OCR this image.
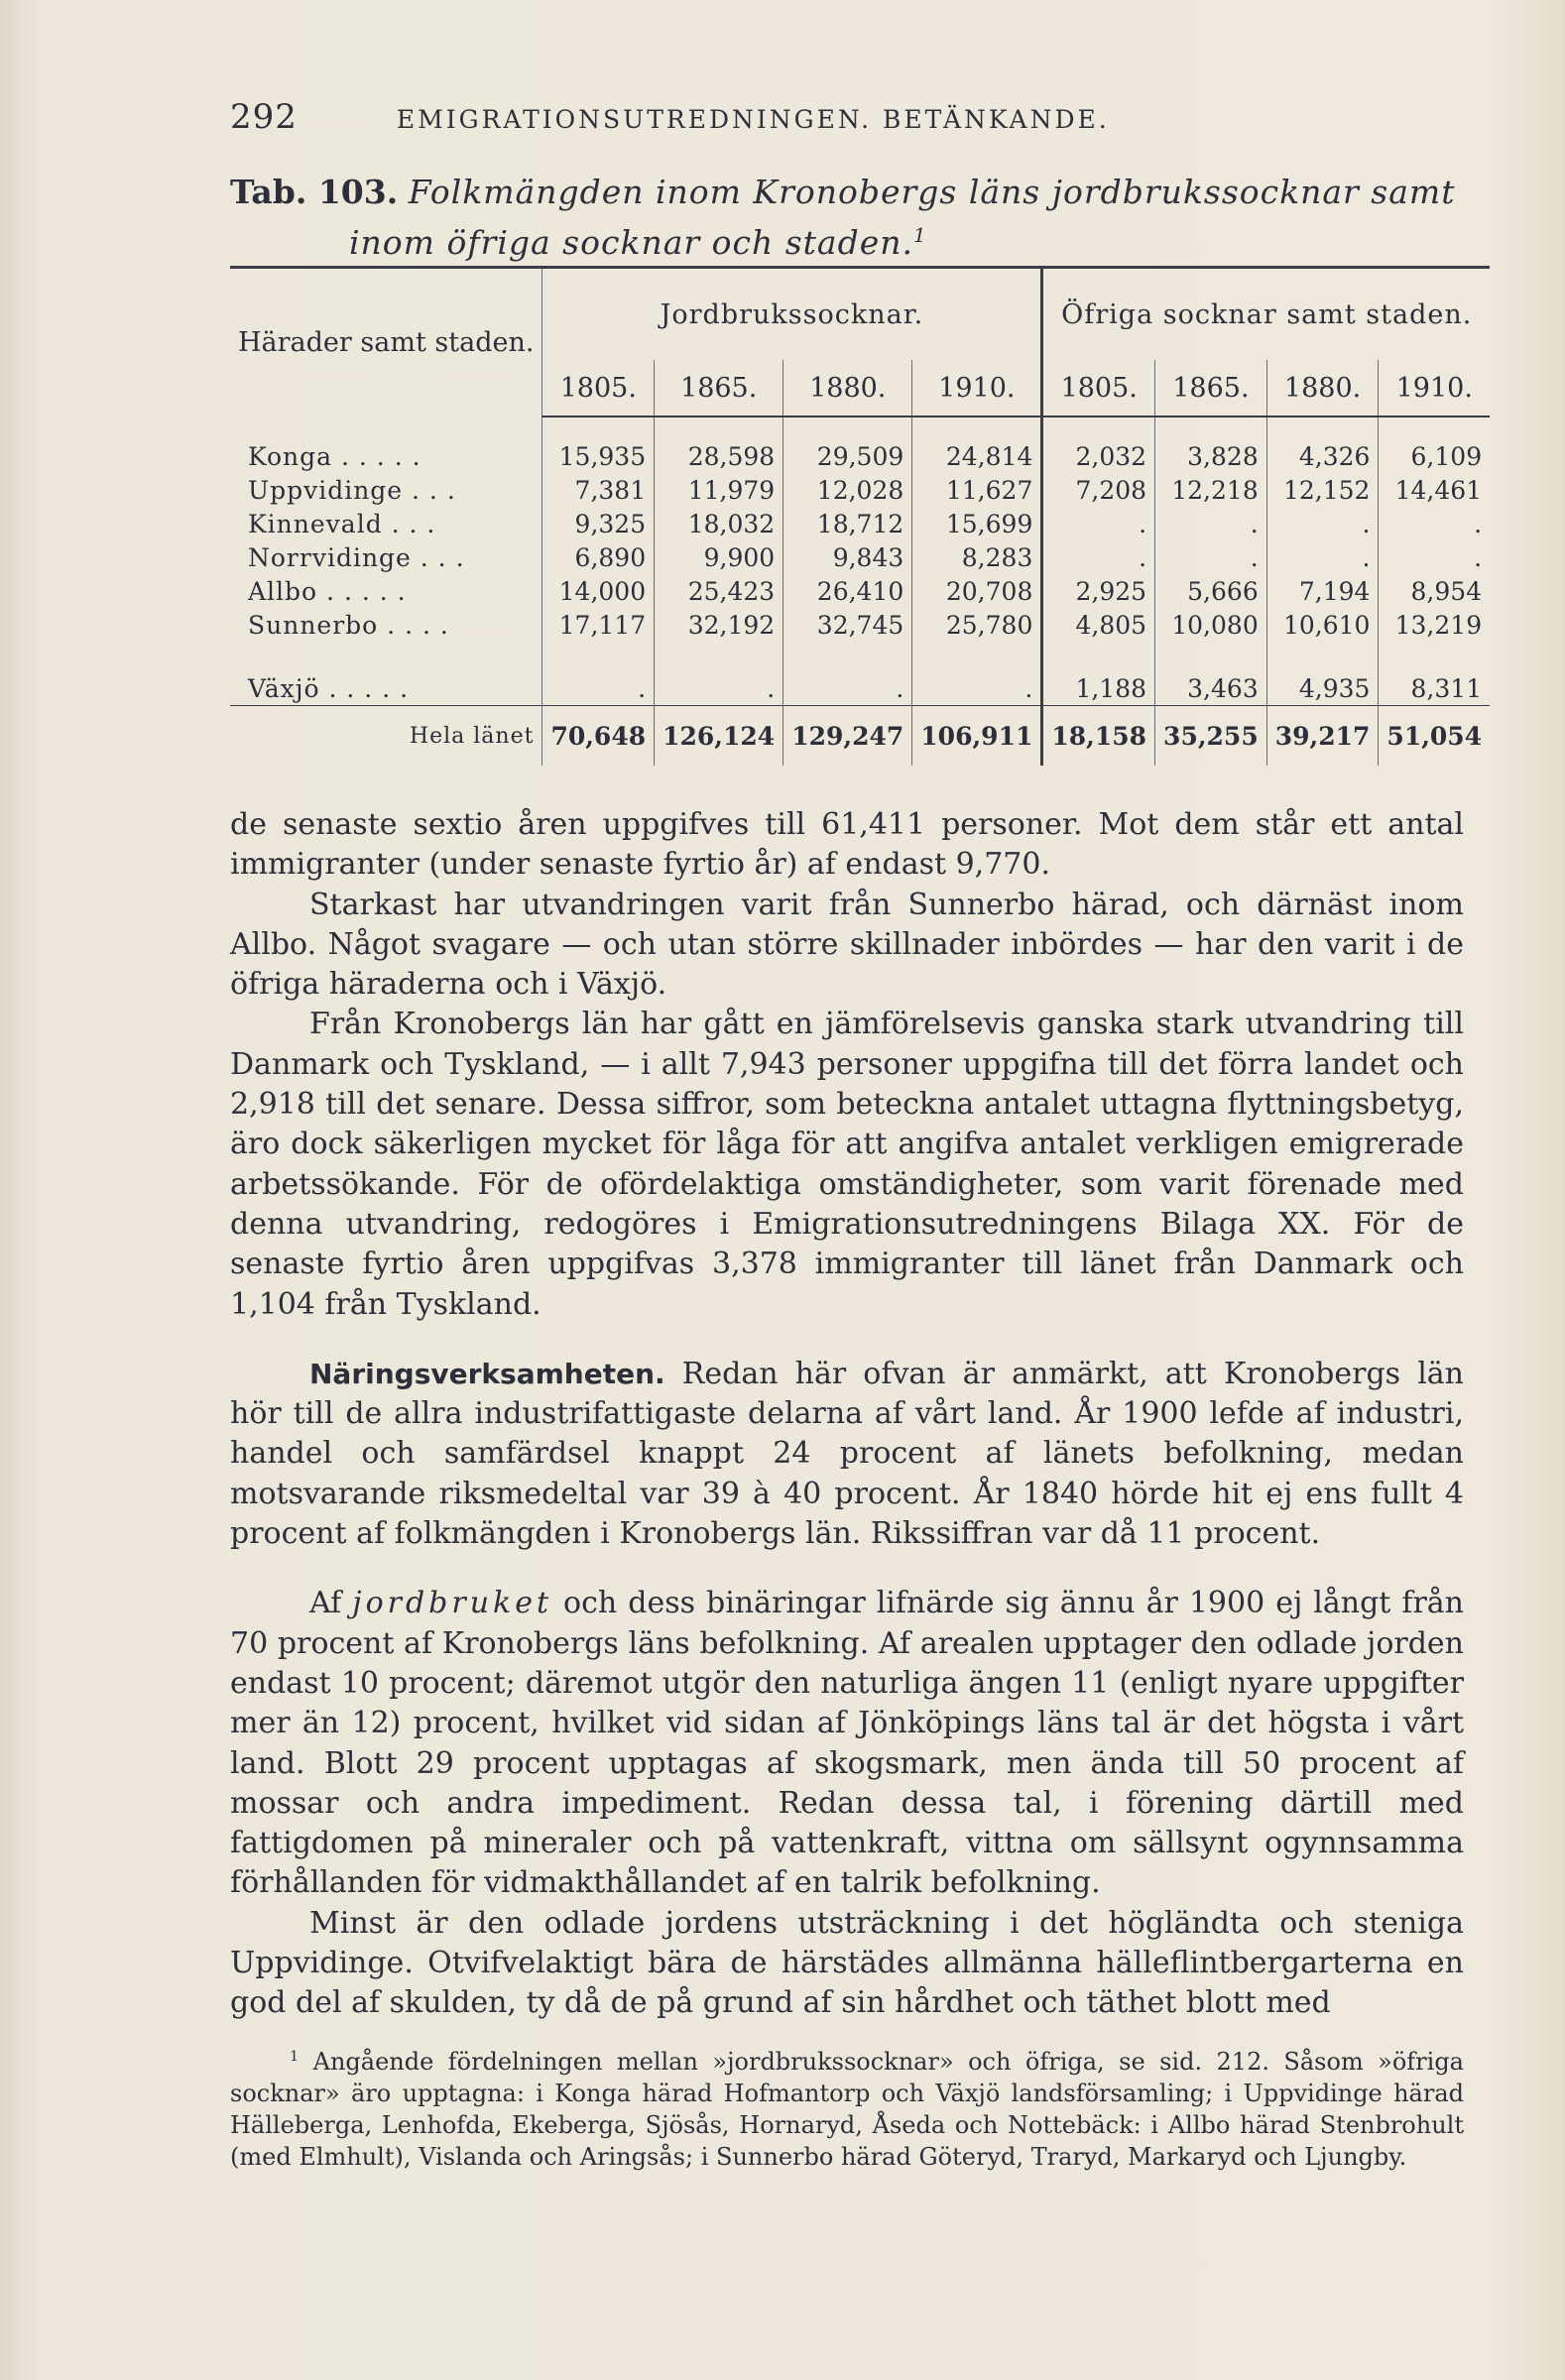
292	EMIGRATIONSUTREDNINGEN. BETÄNKANDE.
Tab. 103. Folkmängden inom Kronobergs läns jordbrukssocknar samt
inom öfriga socknar och staden.$^1$
Härader samt staden.	Jordbrukssocknar.				Öfriga socknar samt staden.			
	1805.	1865.	1880.	1910.	1805.	1865.	1880.	1910.

Konga . . . . .	15,935	28,598	29,509	24,814	2,032	3,828	4,326	6,109
Uppvidinge . . .	7,381	11,979	12,028	11,627	7,208	12,218	12,152	14,461
Kinnevald . . .	9,325	18,032	18,712	15,699	.	.	.	.
Norrvidinge . . .	6,890	9,900	9,843	8,283	.	.	.	.
Allbo . . . . .	14,000	25,423	26,410	20,708	2,925	5,666	7,194	8,954
Sunnerbo . . . .	17,117	32,192	32,745	25,780	4,805	10,080	10,610	13,219

Växjö . . . . .	.	.	.	.	1,188	3,463	4,935	8,311
Hela länet	70,648	126,124	129,247	106,911	18,158	35,255	39,217	51,054

de senaste sextio åren uppgifves till 61,411 personer. Mot dem står ett antal immigranter (under senaste fyrtio år) af endast 9,770.

Starkast har utvandringen varit från Sunnerbo härad, och därnäst inom Allbo. Något svagare — och utan större skillnader inbördes — har den varit i de öfriga häraderna och i Växjö.

Från Kronobergs län har gått en jämförelsevis ganska stark utvandring till Danmark och Tyskland, — i allt 7,943 personer uppgifna till det förra landet och 2,918 till det senare. Dessa siffror, som beteckna antalet uttagna flyttningsbetyg, äro dock säkerligen mycket för låga för att angifva antalet verkligen emigrerade arbetssökande. För de ofördelaktiga omständigheter, som varit förenade med denna utvandring, redogöres i Emigrationsutredningens Bilaga XX. För de senaste fyrtio åren uppgifvas 3,378 immigranter till länet från Danmark och 1,104 från Tyskland.

Näringsverksamheten. Redan här ofvan är anmärkt, att Kronobergs län hör till de allra industrifattigaste delarna af vårt land. År 1900 lefde af industri, handel och samfärdsel knappt 24 procent af länets befolkning, medan motsvarande riksmedeltal var 39 à 40 procent. År 1840 hörde hit ej ens fullt 4 procent af folkmängden i Kronobergs län. Rikssiffran var då 11 procent.

Af jordbruket och dess binäringar lifnärde sig ännu år 1900 ej långt från 70 procent af Kronobergs läns befolkning. Af arealen upptager den odlade jorden endast 10 procent; däremot utgör den naturliga ängen 11 (enligt nyare uppgifter mer än 12) procent, hvilket vid sidan af Jönköpings läns tal är det högsta i vårt land. Blott 29 procent upptagas af skogsmark, men ända till 50 procent af mossar och andra impediment. Redan dessa tal, i förening därtill med fattigdomen på mineraler och på vattenkraft, vittna om sällsynt ogynnsamma förhållanden för vidmakthållandet af en talrik befolkning.

Minst är den odlade jordens utsträckning i det högländta och steniga Uppvidinge. Otvifvelaktigt bära de härstädes allmänna hälleflintbergarterna en god del af skulden, ty då de på grund af sin hårdhet och täthet blott med

$^1$ Angående fördelningen mellan »jordbrukssocknar» och öfriga, se sid. 212. Såsom »öfriga socknar» äro upptagna: i Konga härad Hofmantorp och Växjö landsförsamling; i Uppvidinge härad Hälleberga, Lenhofda, Ekeberga, Sjösås, Hornaryd, Åseda och Nottebäck: i Allbo härad Stenbrohult (med Elmhult), Vislanda och Aringsås; i Sunnerbo härad Göteryd, Traryd, Markaryd och Ljungby.
